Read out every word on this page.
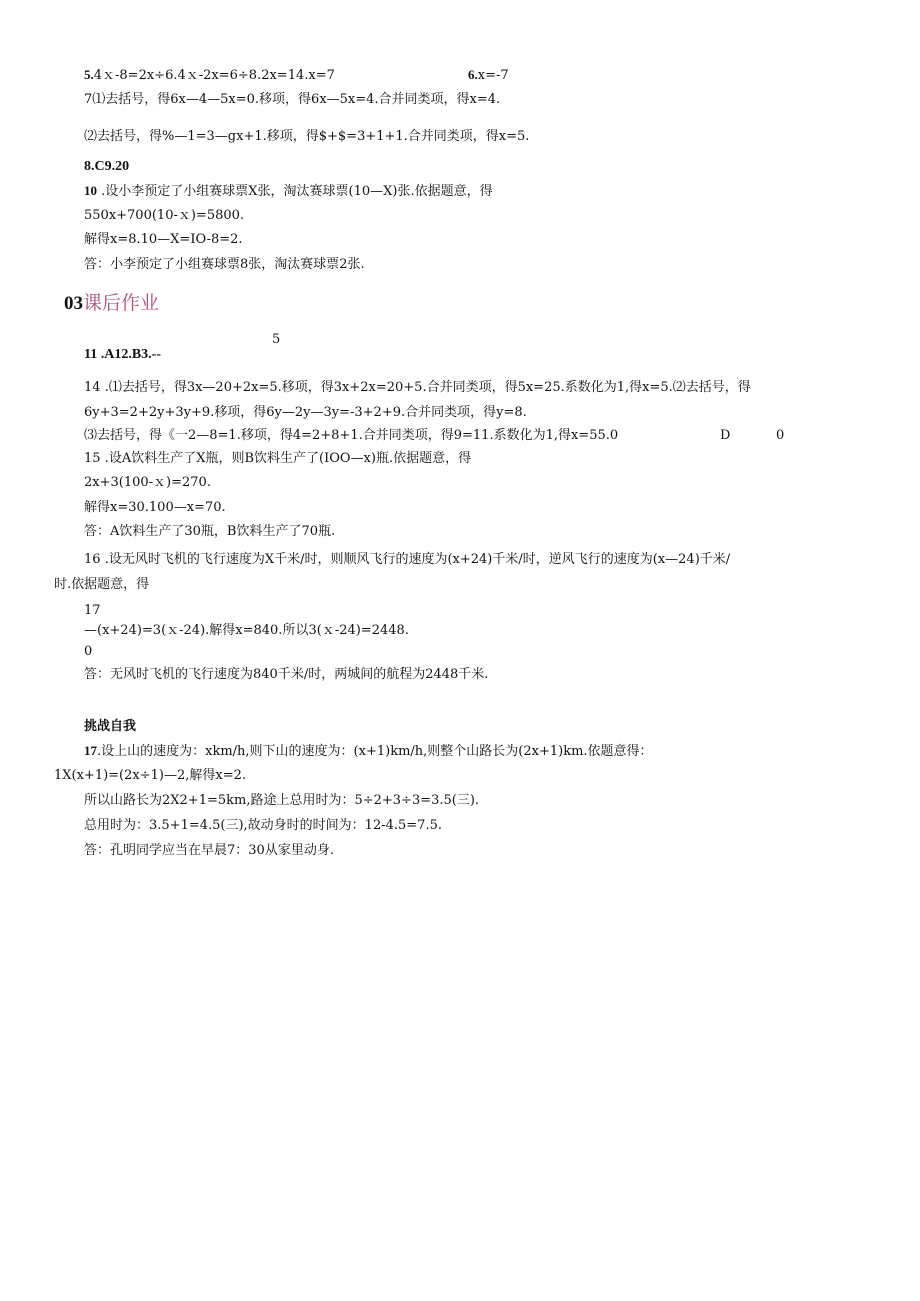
5.4ｘ-8=2x÷6.4ｘ-2x=6÷8.2x=14.x=7	6.x=-7
7⑴去括号，得6x—4—5x=0.移项，得6x—5x=4.合并同类项，得x=4.
⑵去括号，得%—1=3—gx+1.移项，得$+$=3+1+1.合并同类项，得x=5.
8.C9.20
10 .设小李预定了小组赛球票X张，淘汰赛球票(10—X)张.依据题意，得
550x+700(10-ｘ)=5800.
解得x=8.10—X=IO-8=2.
答：小李预定了小组赛球票8张，淘汰赛球票2张.
03课后作业
5
11 .A12.B3.--
14 .⑴去括号，得3x—20+2x=5.移项，得3x+2x=20+5.合并同类项，得5x=25.系数化为1,得x=5.⑵去括号，得
6y+3=2+2y+3y+9.移项，得6y—2y—3y=-3+2+9.合并同类项，得y=8.
⑶去括号，得《一2—8=1.移项，得4=2+8+1.合并同类项，得9=11.系数化为1,得x=55.0	D	0
15 .设A饮料生产了X瓶，则B饮料生产了(IOO—x)瓶.依据题意，得
2x+3(100-ｘ)=270.
解得x=30.100—x=70.
答：A饮料生产了30瓶，B饮料生产了70瓶.
16 .设无风时飞机的飞行速度为X千米/时，则顺风飞行的速度为(x+24)千米/时，逆风飞行的速度为(x—24)千米/
时.依据题意，得
17
—(x+24)=3(ｘ-24).解得x=840.所以3(ｘ-24)=2448.
0
答：无风时飞机的飞行速度为840千米/时，两城间的航程为2448千米.
挑战自我
17.设上山的速度为：xkm/h,则下山的速度为：(x+1)km/h,则整个山路长为(2x+1)km.依题意得：
1X(x+1)=(2x÷1)—2,解得x=2.
所以山路长为2X2+1=5km,路途上总用时为：5÷2+3÷3=3.5(三).
总用时为：3.5+1=4.5(三),故动身时的时间为：12-4.5=7.5.
答：孔明同学应当在早晨7：30从家里动身.
